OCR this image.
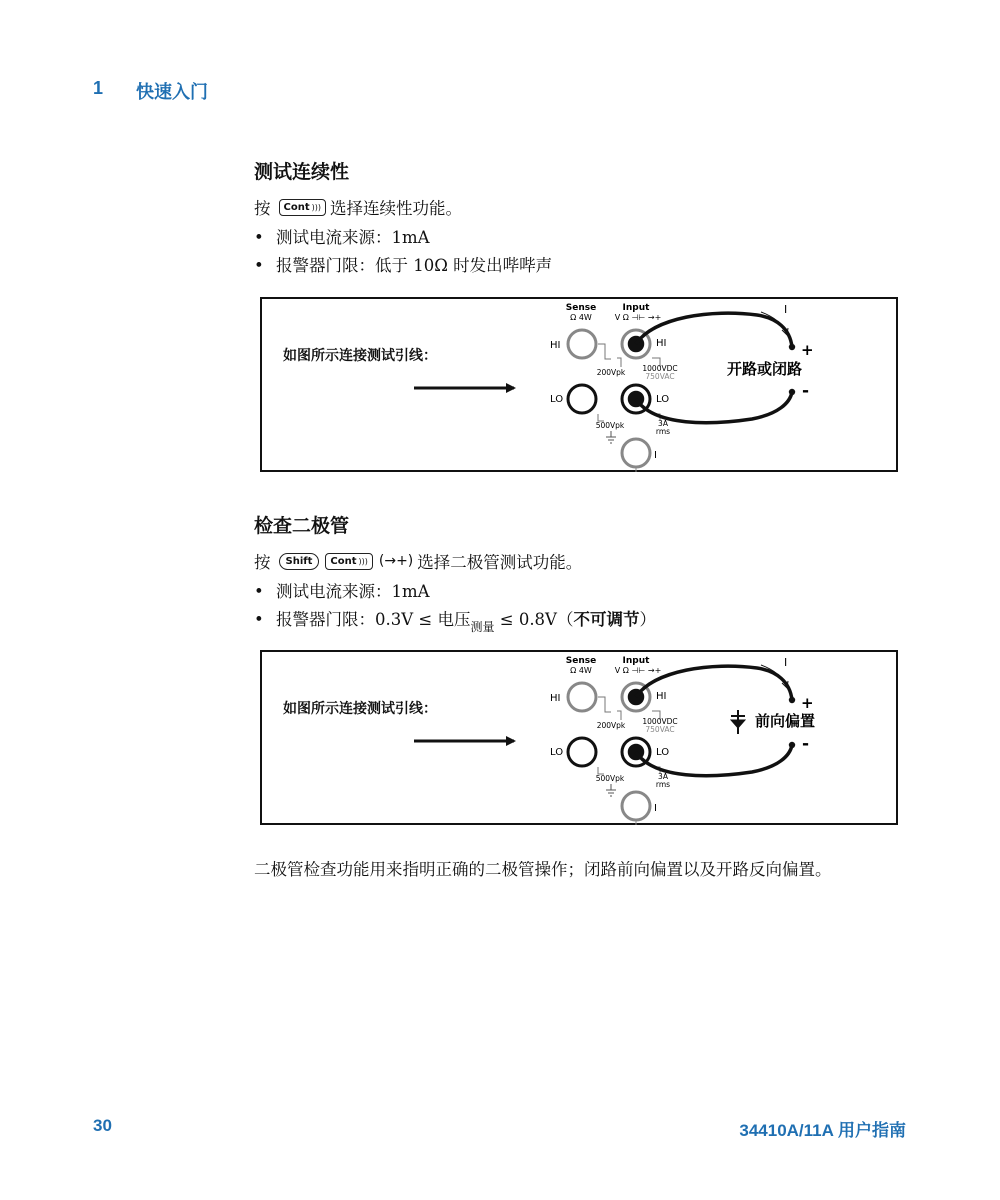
1 快速入门
测试连续性
按 Cont ))) 选择连续性功能。
• 测试电流来源：1mA
• 报警器门限：低于 10Ω 时发出哔哔声
如图所示连接测试引线：
Sense
Ω 4W
Input
V Ω ⊣⊢ →+
HI
LO
HI
LO
I
200Vpk 1000VDC
750VAC
500Vpk	3A
rms
+
-
I
开路或闭路
检查二极管
按	Shift	Cont ))) (→+) 选择二极管测试功能。
• 测试电流来源：1mA
• 报警器门限：0.3V ≤ 电压$_{测量}$ ≤ 0.8V（不可调节）
如图所示连接测试引线：
Sense
Ω 4W
Input
V Ω ⊣⊢ →+
HI
LO
HI
LO
I
200Vpk 1000VDC
750VAC
500Vpk	3A
rms
+
-
I
前向偏置
二极管检查功能用来指明正确的二极管操作；闭路前向偏置以及开路反向偏置。
30	34410A/11A 用户指南
